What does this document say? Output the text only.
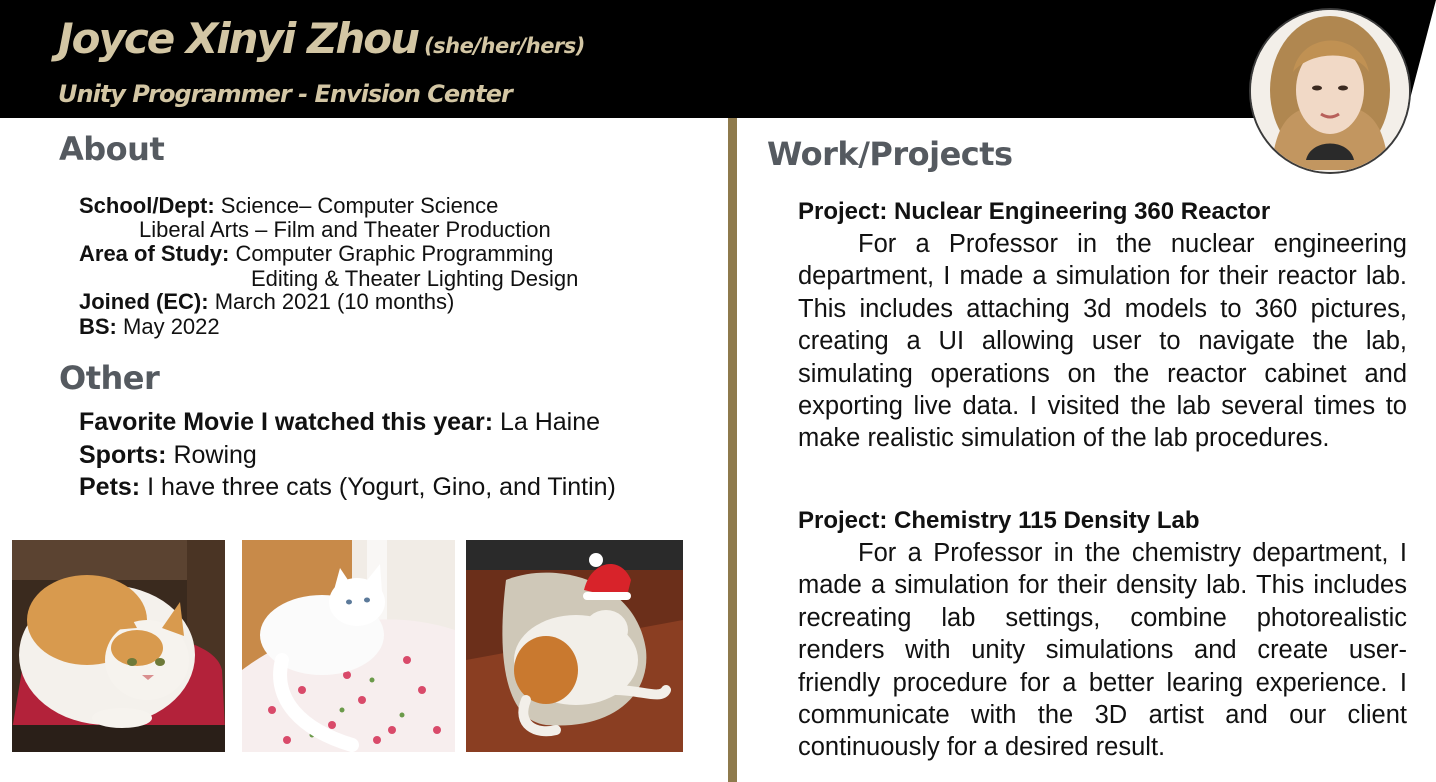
Joyce Xinyi Zhou (she/her/hers)
Unity Programmer - Envision Center
About
School/Dept: Science– Computer Science
Liberal Arts – Film and Theater Production
Area of Study: Computer Graphic Programming
Editing & Theater Lighting Design
Joined (EC): March 2021 (10 months)
BS: May 2022
Other
Favorite Movie I watched this year: La Haine
Sports: Rowing
Pets: I have three cats (Yogurt, Gino, and Tintin)
Work/Projects
Project: Nuclear Engineering 360 Reactor

For a Professor in the nuclear engineering department, I made a simulation for their reactor lab. This includes attaching 3d models to 360 pictures, creating a UI allowing user to navigate the lab, simulating operations on the reactor cabinet and exporting live data. I visited the lab several times to make realistic simulation of the lab procedures.

Project: Chemistry 115 Density Lab

For a Professor in the chemistry department, I made a simulation for their density lab. This includes recreating lab settings, combine photorealistic renders with unity simulations and create user-friendly procedure for a better learing experience. I communicate with the 3D artist and our client continuously for a desired result.
